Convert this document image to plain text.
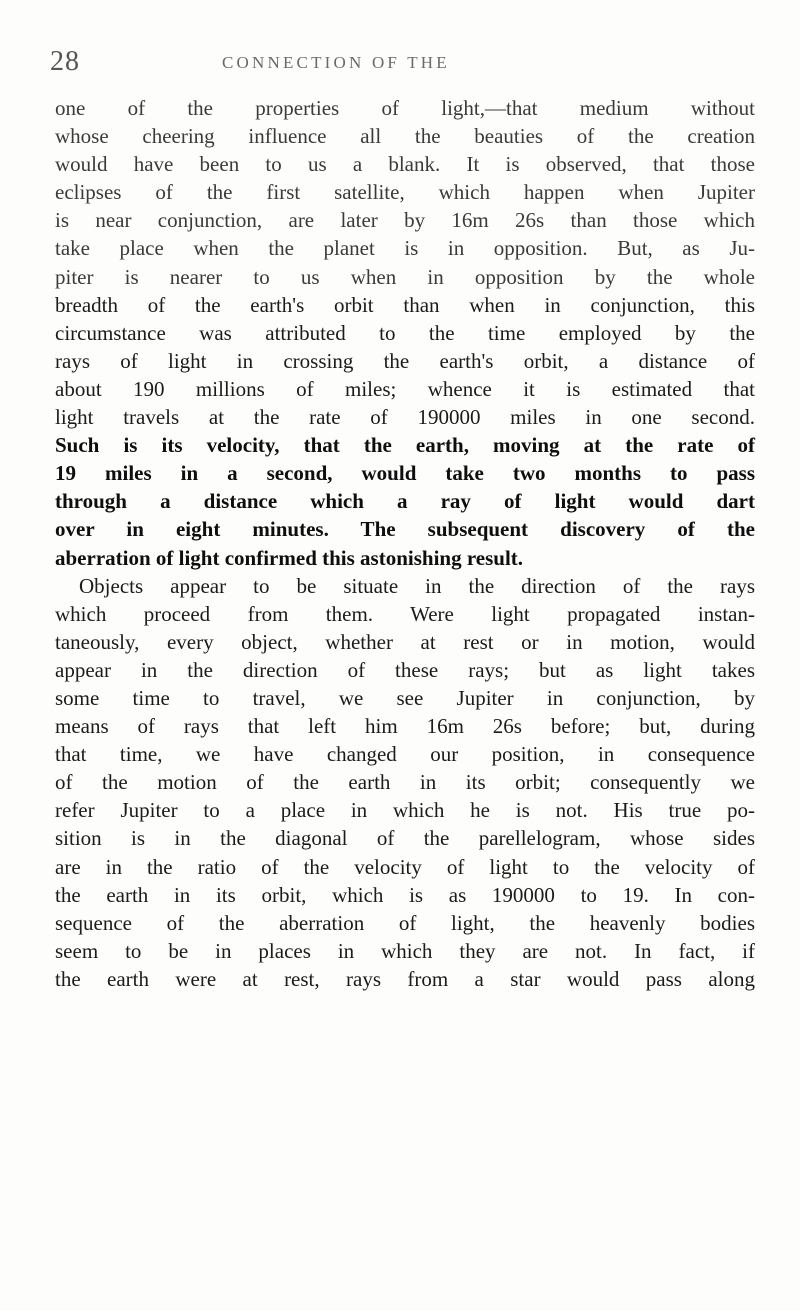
28	CONNECTION OF THE
one of the properties of light,—that medium without
whose cheering influence all the beauties of the creation
would have been to us a blank. It is observed, that those
eclipses of the first satellite, which happen when Jupiter
is near conjunction, are later by 16m 26s than those which
take place when the planet is in opposition. But, as Ju-
piter is nearer to us when in opposition by the whole
breadth of the earth's orbit than when in conjunction, this
circumstance was attributed to the time employed by the
rays of light in crossing the earth's orbit, a distance of
about 190 millions of miles; whence it is estimated that
light travels at the rate of 190000 miles in one second.
Such is its velocity, that the earth, moving at the rate of
19 miles in a second, would take two months to pass
through a distance which a ray of light would dart
over in eight minutes. The subsequent discovery of the
aberration of light confirmed this astonishing result.
Objects appear to be situate in the direction of the rays
which proceed from them. Were light propagated instan-
taneously, every object, whether at rest or in motion, would
appear in the direction of these rays; but as light takes
some time to travel, we see Jupiter in conjunction, by
means of rays that left him 16m 26s before; but, during
that time, we have changed our position, in consequence
of the motion of the earth in its orbit; consequently we
refer Jupiter to a place in which he is not. His true po-
sition is in the diagonal of the parellelogram, whose sides
are in the ratio of the velocity of light to the velocity of
the earth in its orbit, which is as 190000 to 19. In con-
sequence of the aberration of light, the heavenly bodies
seem to be in places in which they are not. In fact, if
the earth were at rest, rays from a star would pass along
